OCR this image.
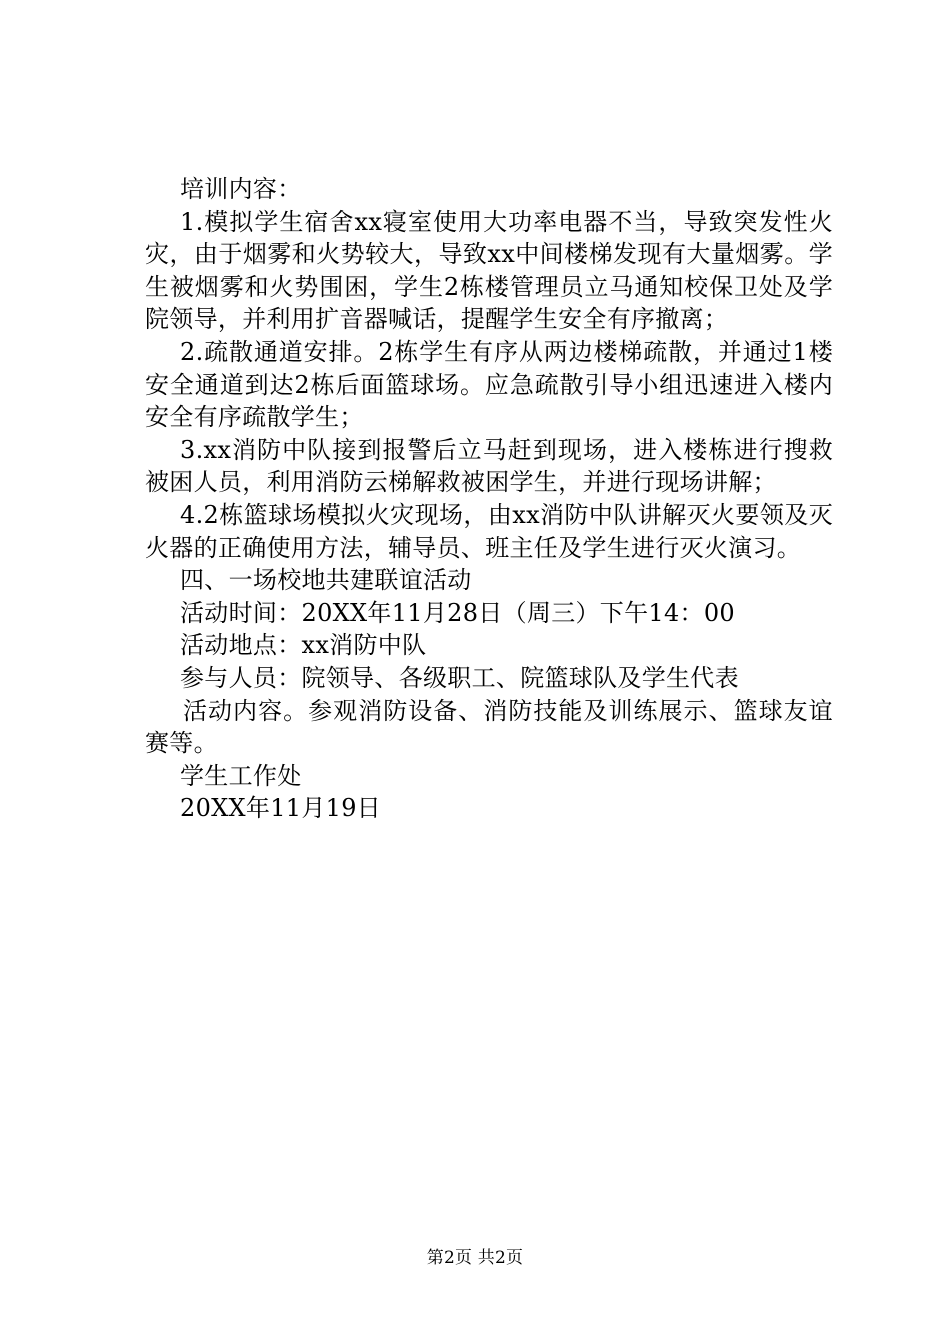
培训内容：

1.模拟学生宿舍xx寝室使用大功率电器不当，导致突发性火灾，由于烟雾和火势较大，导致xx中间楼梯发现有大量烟雾。学生被烟雾和火势围困，学生2栋楼管理员立马通知校保卫处及学院领导，并利用扩音器喊话，提醒学生安全有序撤离；

2.疏散通道安排。2栋学生有序从两边楼梯疏散，并通过1楼安全通道到达2栋后面篮球场。应急疏散引导小组迅速进入楼内安全有序疏散学生；

3.xx消防中队接到报警后立马赶到现场，进入楼栋进行搜救被困人员，利用消防云梯解救被困学生，并进行现场讲解；

4.2栋篮球场模拟火灾现场，由xx消防中队讲解灭火要领及灭火器的正确使用方法，辅导员、班主任及学生进行灭火演习。

四、一场校地共建联谊活动

活动时间：20XX年11月28日（周三）下午14：00

活动地点：xx消防中队

参与人员：院领导、各级职工、院篮球队及学生代表

活动内容。参观消防设备、消防技能及训练展示、篮球友谊赛等。

学生工作处

20XX年11月19日

第2页 共2页
